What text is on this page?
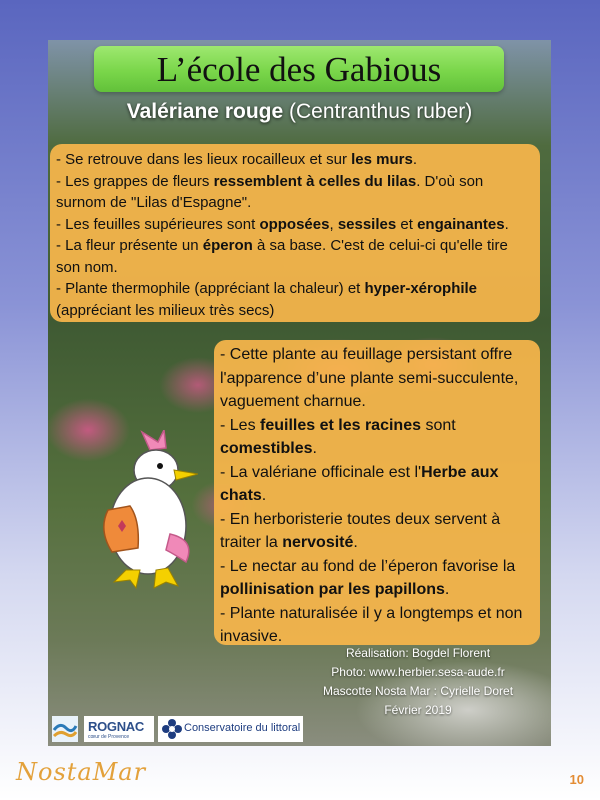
L’école des Gabious
Valériane rouge (Centranthus ruber)
- Se retrouve dans les lieux rocailleux et sur les murs.
- Les grappes de fleurs ressemblent à celles du lilas. D'où son
surnom de "Lilas d'Espagne".
- Les feuilles supérieures sont opposées, sessiles et engainantes.
- La fleur présente un éperon à sa base. C'est de celui-ci qu'elle tire
son nom.
- Plante thermophile (appréciant la chaleur) et hyper-xérophile
(appréciant les milieux très secs)
- Cette plante au feuillage persistant offre
l'apparence d’une plante semi-succulente,
vaguement charnue.
- Les feuilles et les racines sont
comestibles.
- La valériane officinale est l'Herbe aux
chats.
- En herboristerie toutes deux servent à
traiter la nervosité.
- Le nectar au fond de l’éperon favorise la
pollinisation par les papillons.
- Plante naturalisée il y a longtemps et non
invasive.
Réalisation: Bogdel Florent
Photo: www.herbier.sesa-aude.fr
Mascotte Nosta Mar : Cyrielle Doret
Février 2019
ROGNAC
cœur de Provence
Conservatoire du littoral
NostaMar	10
